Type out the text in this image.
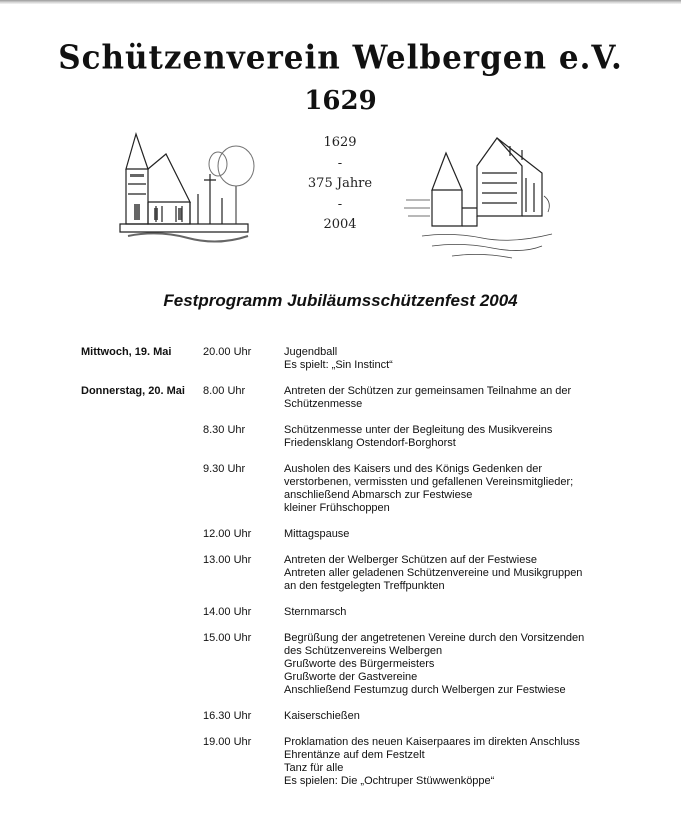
Schützenverein Welbergen e.V.
1629
1629
-
375 Jahre
-
2004
Festprogramm Jubiläumsschützenfest 2004
Mittwoch, 19. Mai	20.00 Uhr	Jugendball
Es spielt: „Sin Instinct“
Donnerstag, 20. Mai	8.00 Uhr	Antreten der Schützen zur gemeinsamen Teilnahme an der
Schützenmesse
8.30 Uhr	Schützenmesse unter der Begleitung des Musikvereins
Friedensklang Ostendorf-Borghorst
9.30 Uhr	Ausholen des Kaisers und des Königs Gedenken der
verstorbenen, vermissten und gefallenen Vereinsmitglieder;
anschließend Abmarsch zur Festwiese
kleiner Frühschoppen
12.00 Uhr	Mittagspause
13.00 Uhr	Antreten der Welberger Schützen auf der Festwiese
Antreten aller geladenen Schützenvereine und Musikgruppen
an den festgelegten Treffpunkten
14.00 Uhr	Sternmarsch
15.00 Uhr	Begrüßung der angetretenen Vereine durch den Vorsitzenden
des Schützenvereins Welbergen
Grußworte des Bürgermeisters
Grußworte der Gastvereine
Anschließend Festumzug durch Welbergen zur Festwiese
16.30 Uhr	Kaiserschießen
19.00 Uhr	Proklamation des neuen Kaiserpaares im direkten Anschluss
Ehrentänze auf dem Festzelt
Tanz für alle
Es spielen: Die „Ochtruper Stüwwenköppe“
